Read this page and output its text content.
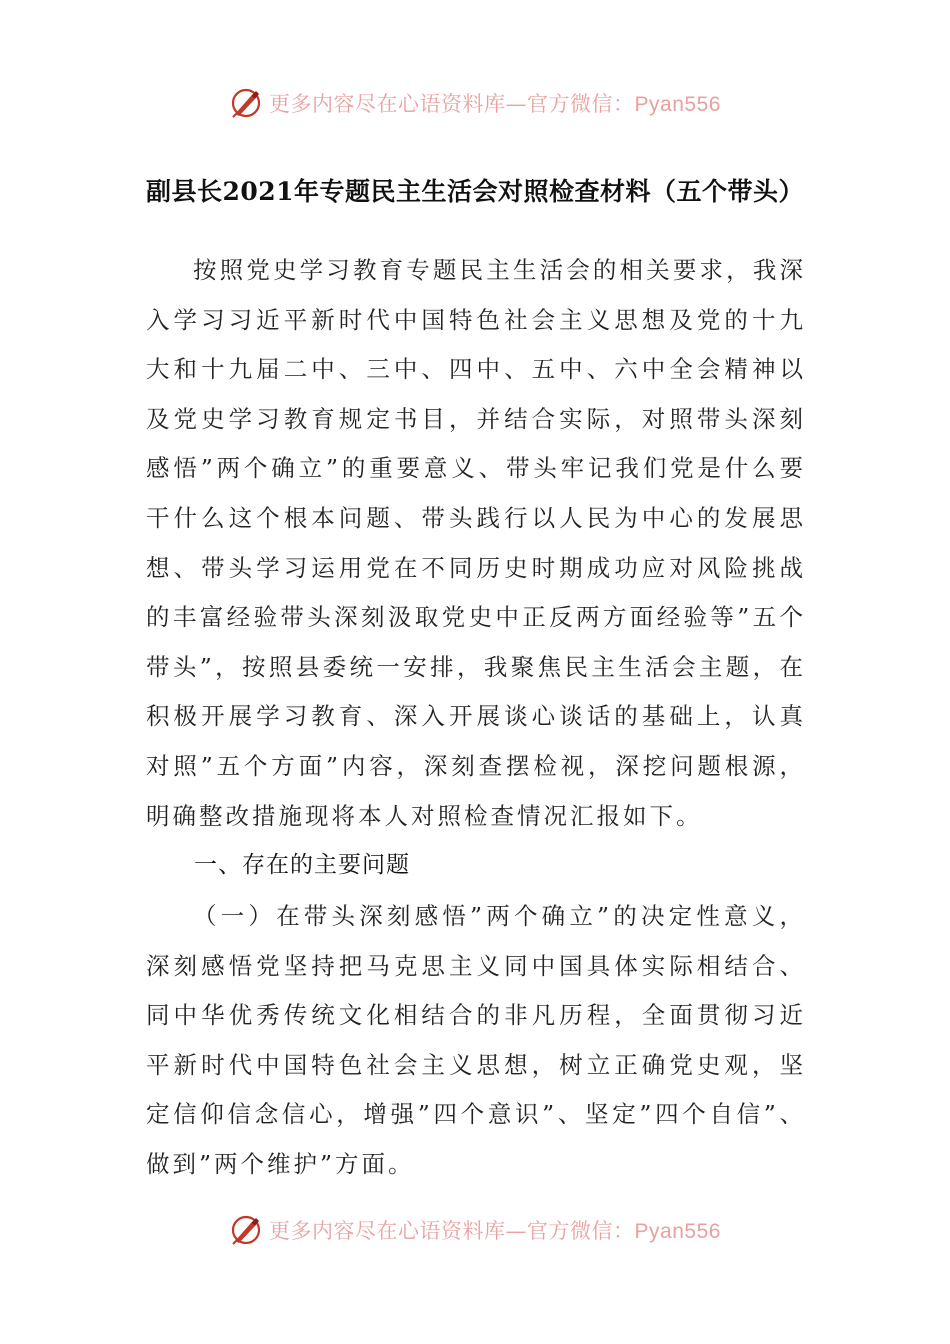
更多内容尽在心语资料库—官方微信：Pyan556
副县长2021年专题民主生活会对照检查材料（五个带头）

按照党史学习教育专题民主生活会的相关要求，我深入学习习近平新时代中国特色社会主义思想及党的十九大和十九届二中、三中、四中、五中、六中全会精神以及党史学习教育规定书目，并结合实际，对照带头深刻感悟”两个确立”的重要意义、带头牢记我们党是什么要干什么这个根本问题、带头践行以人民为中心的发展思想、带头学习运用党在不同历史时期成功应对风险挑战的丰富经验带头深刻汲取党史中正反两方面经验等”五个带头”，按照县委统一安排，我聚焦民主生活会主题，在积极开展学习教育、深入开展谈心谈话的基础上，认真对照”五个方面”内容，深刻查摆检视，深挖问题根源，明确整改措施现将本人对照检查情况汇报如下。

一、存在的主要问题

（一）在带头深刻感悟”两个确立”的决定性意义，深刻感悟党坚持把马克思主义同中国具体实际相结合、同中华优秀传统文化相结合的非凡历程，全面贯彻习近平新时代中国特色社会主义思想，树立正确党史观，坚定信仰信念信心，增强”四个意识”、坚定”四个自信”、做到”两个维护”方面。

更多内容尽在心语资料库—官方微信：Pyan556
